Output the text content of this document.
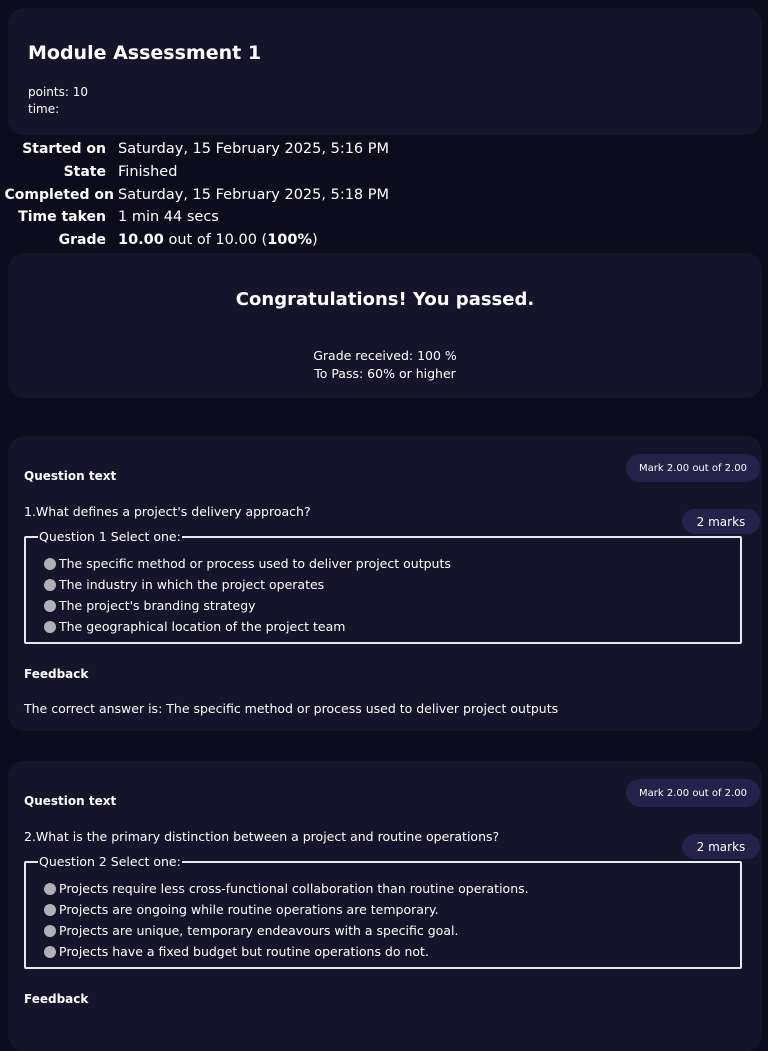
Module Assessment 1
points: 10
time:
Started on Saturday, 15 February 2025, 5:16 PM
State Finished
Completed on Saturday, 15 February 2025, 5:18 PM
Time taken 1 min 44 secs
Grade 10.00 out of 10.00 (100%)
Congratulations! You passed.
Grade received: 100 %
To Pass: 60% or higher
Question text
Mark 2.00 out of 2.00
1.What defines a project's delivery approach?
2 marks
Question 1 Select one:
The specific method or process used to deliver project outputs
The industry in which the project operates
The project's branding strategy
The geographical location of the project team
Feedback
The correct answer is: The specific method or process used to deliver project outputs
Question text
Mark 2.00 out of 2.00
2.What is the primary distinction between a project and routine operations?
2 marks
Question 2 Select one:
Projects require less cross-functional collaboration than routine operations.
Projects are ongoing while routine operations are temporary.
Projects are unique, temporary endeavours with a specific goal.
Projects have a fixed budget but routine operations do not.
Feedback
